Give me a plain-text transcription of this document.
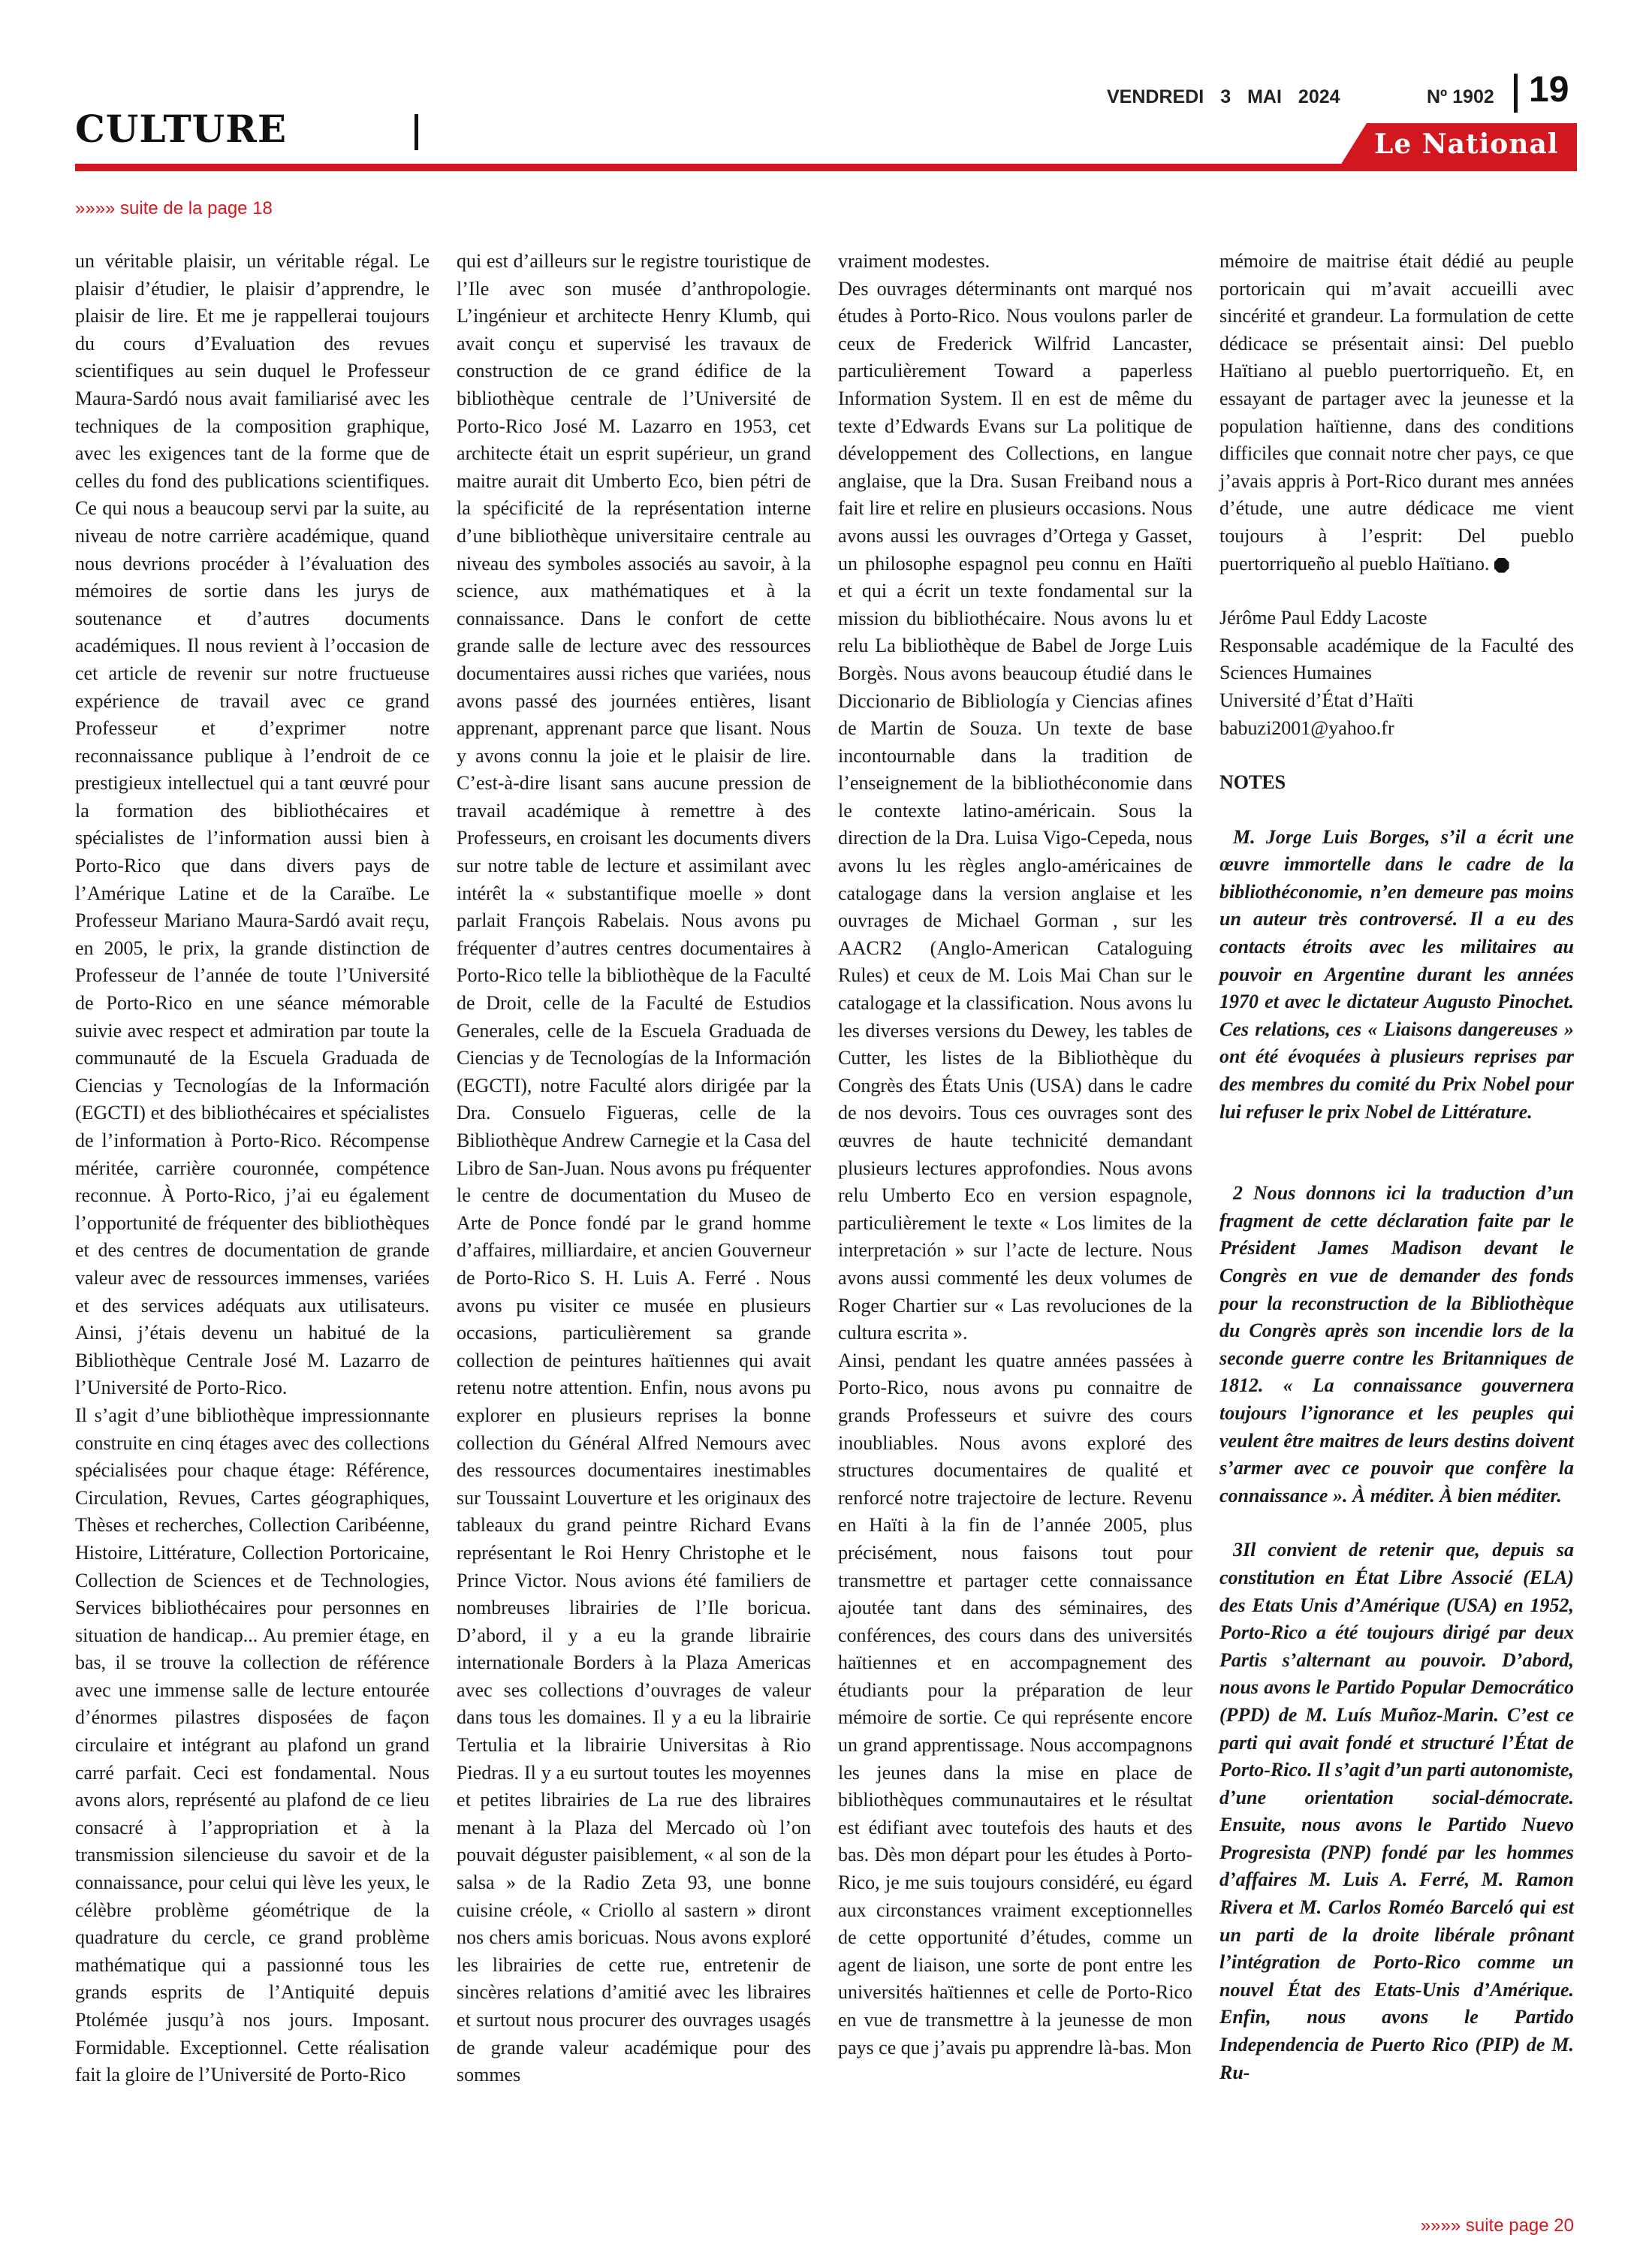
CULTURE
VENDREDI 3 MAI 2024	Nº 1902 19
Le National
»»»» suite de la page 18

un véritable plaisir, un véritable régal. Le plaisir d’étudier, le plaisir d’apprendre, le plaisir de lire. Et me je rappellerai toujours du cours d’Evaluation des revues scientifiques au sein duquel le Professeur Maura-Sardó nous avait familiarisé avec les techniques de la composition graphique, avec les exigences tant de la forme que de celles du fond des publications scientifiques. Ce qui nous a beaucoup servi par la suite, au niveau de notre carrière académique, quand nous devrions procéder à l’évaluation des mémoires de sortie dans les jurys de soutenance et d’autres documents académiques. Il nous revient à l’occasion de cet article de revenir sur notre fructueuse expérience de travail avec ce grand Professeur et d’exprimer notre reconnaissance publique à l’endroit de ce prestigieux intellectuel qui a tant œuvré pour la formation des bibliothécaires et spécialistes de l’information aussi bien à Porto-Rico que dans divers pays de l’Amérique Latine et de la Caraïbe. Le Professeur Mariano Maura-Sardó avait reçu, en 2005, le prix, la grande distinction de Professeur de l’année de toute l’Université de Porto-Rico en une séance mémorable suivie avec respect et admiration par toute la communauté de la Escuela Graduada de Ciencias y Tecnologías de la Información (EGCTI) et des bibliothécaires et spécialistes de l’information à Porto-Rico. Récompense méritée, carrière couronnée, compétence reconnue. À Porto-Rico, j’ai eu également l’opportunité de fréquenter des bibliothèques et des centres de documentation de grande valeur avec de ressources immenses, variées et des services adéquats aux utilisateurs. Ainsi, j’étais devenu un habitué de la Bibliothèque Centrale José M. Lazarro de l’Université de Porto-Rico.

Il s’agit d’une bibliothèque impressionnante construite en cinq étages avec des collections spécialisées pour chaque étage: Référence, Circulation, Revues, Cartes géographiques, Thèses et recherches, Collection Caribéenne, Histoire, Littérature, Collection Portoricaine, Collection de Sciences et de Technologies, Services bibliothécaires pour personnes en situation de handicap... Au premier étage, en bas, il se trouve la collection de référence avec une immense salle de lecture entourée d’énormes pilastres disposées de façon circulaire et intégrant au plafond un grand carré parfait. Ceci est fondamental. Nous avons alors, représenté au plafond de ce lieu consacré à l’appropriation et à la transmission silencieuse du savoir et de la connaissance, pour celui qui lève les yeux, le célèbre problème géométrique de la quadrature du cercle, ce grand problème mathématique qui a passionné tous les grands esprits de l’Antiquité depuis Ptolémée jusqu’à nos jours. Imposant. Formidable. Exceptionnel. Cette réalisation fait la gloire de l’Université de Porto-Rico

qui est d’ailleurs sur le registre touristique de l’Ile avec son musée d’anthropologie. L’ingénieur et architecte Henry Klumb, qui avait conçu et supervisé les travaux de construction de ce grand édifice de la bibliothèque centrale de l’Université de Porto-Rico José M. Lazarro en 1953, cet architecte était un esprit supérieur, un grand maitre aurait dit Umberto Eco, bien pétri de la spécificité de la représentation interne d’une bibliothèque universitaire centrale au niveau des symboles associés au savoir, à la science, aux mathématiques et à la connaissance. Dans le confort de cette grande salle de lecture avec des ressources documentaires aussi riches que variées, nous avons passé des journées entières, lisant apprenant, apprenant parce que lisant. Nous y avons connu la joie et le plaisir de lire. C’est-à-dire lisant sans aucune pression de travail académique à remettre à des Professeurs, en croisant les documents divers sur notre table de lecture et assimilant avec intérêt la « substantifique moelle » dont parlait François Rabelais. Nous avons pu fréquenter d’autres centres documentaires à Porto-Rico telle la bibliothèque de la Faculté de Droit, celle de la Faculté de Estudios Generales, celle de la Escuela Graduada de Ciencias y de Tecnologías de la Información (EGCTI), notre Faculté alors dirigée par la Dra. Consuelo Figueras, celle de la Bibliothèque Andrew Carnegie et la Casa del Libro de San-Juan. Nous avons pu fréquenter le centre de documentation du Museo de Arte de Ponce fondé par le grand homme d’affaires, milliardaire, et ancien Gouverneur de Porto-Rico S. H. Luis A. Ferré . Nous avons pu visiter ce musée en plusieurs occasions, particulièrement sa grande collection de peintures haïtiennes qui avait retenu notre attention. Enfin, nous avons pu explorer en plusieurs reprises la bonne collection du Général Alfred Nemours avec des ressources documentaires inestimables sur Toussaint Louverture et les originaux des tableaux du grand peintre Richard Evans représentant le Roi Henry Christophe et le Prince Victor. Nous avions été familiers de nombreuses librairies de l’Ile boricua. D’abord, il y a eu la grande librairie internationale Borders à la Plaza Americas avec ses collections d’ouvrages de valeur dans tous les domaines. Il y a eu la librairie Tertulia et la librairie Universitas à Rio Piedras. Il y a eu surtout toutes les moyennes et petites librairies de La rue des libraires menant à la Plaza del Mercado où l’on pouvait déguster paisiblement, « al son de la salsa » de la Radio Zeta 93, une bonne cuisine créole, « Criollo al sastern » diront nos chers amis boricuas. Nous avons exploré les librairies de cette rue, entretenir de sincères relations d’amitié avec les libraires et surtout nous procurer des ouvrages usagés de grande valeur académique pour des sommes

vraiment modestes.

Des ouvrages déterminants ont marqué nos études à Porto-Rico. Nous voulons parler de ceux de Frederick Wilfrid Lancaster, particulièrement Toward a paperless Information System. Il en est de même du texte d’Edwards Evans sur La politique de développement des Collections, en langue anglaise, que la Dra. Susan Freiband nous a fait lire et relire en plusieurs occasions. Nous avons aussi les ouvrages d’Ortega y Gasset, un philosophe espagnol peu connu en Haïti et qui a écrit un texte fondamental sur la mission du bibliothécaire. Nous avons lu et relu La bibliothèque de Babel de Jorge Luis Borgès. Nous avons beaucoup étudié dans le Diccionario de Bibliología y Ciencias afines de Martin de Souza. Un texte de base incontournable dans la tradition de l’enseignement de la bibliothéconomie dans le contexte latino-américain. Sous la direction de la Dra. Luisa Vigo-Cepeda, nous avons lu les règles anglo-américaines de catalogage dans la version anglaise et les ouvrages de Michael Gorman , sur les AACR2 (Anglo-American Cataloguing Rules) et ceux de M. Lois Mai Chan sur le catalogage et la classification. Nous avons lu les diverses versions du Dewey, les tables de Cutter, les listes de la Bibliothèque du Congrès des États Unis (USA) dans le cadre de nos devoirs. Tous ces ouvrages sont des œuvres de haute technicité demandant plusieurs lectures approfondies. Nous avons relu Umberto Eco en version espagnole, particulièrement le texte « Los limites de la interpretación » sur l’acte de lecture. Nous avons aussi commenté les deux volumes de Roger Chartier sur « Las revoluciones de la cultura escrita ».

Ainsi, pendant les quatre années passées à Porto-Rico, nous avons pu connaitre de grands Professeurs et suivre des cours inoubliables. Nous avons exploré des structures documentaires de qualité et renforcé notre trajectoire de lecture. Revenu en Haïti à la fin de l’année 2005, plus précisément, nous faisons tout pour transmettre et partager cette connaissance ajoutée tant dans des séminaires, des conférences, des cours dans des universités haïtiennes et en accompagnement des étudiants pour la préparation de leur mémoire de sortie. Ce qui représente encore un grand apprentissage. Nous accompagnons les jeunes dans la mise en place de bibliothèques communautaires et le résultat est édifiant avec toutefois des hauts et des bas. Dès mon départ pour les études à Porto-Rico, je me suis toujours considéré, eu égard aux circonstances vraiment exceptionnelles de cette opportunité d’études, comme un agent de liaison, une sorte de pont entre les universités haïtiennes et celle de Porto-Rico en vue de transmettre à la jeunesse de mon pays ce que j’avais pu apprendre là-bas. Mon

mémoire de maitrise était dédié au peuple portoricain qui m’avait accueilli avec sincérité et grandeur. La formulation de cette dédicace se présentait ainsi: Del pueblo Haïtiano al pueblo puertorriqueño. Et, en essayant de partager avec la jeunesse et la population haïtienne, dans des conditions difficiles que connait notre cher pays, ce que j’avais appris à Port-Rico durant mes années d’étude, une autre dédicace me vient toujours à l’esprit: Del pueblo puertorriqueño al pueblo Haïtiano.

Jérôme Paul Eddy Lacoste
Responsable académique de la Faculté des Sciences Humaines
Université d’État d’Haïti
babuzi2001@yahoo.fr

NOTES

M. Jorge Luis Borges, s’il a écrit une œuvre immortelle dans le cadre de la bibliothéconomie, n’en demeure pas moins un auteur très controversé. Il a eu des contacts étroits avec les militaires au pouvoir en Argentine durant les années 1970 et avec le dictateur Augusto Pinochet. Ces relations, ces « Liaisons dangereuses » ont été évoquées à plusieurs reprises par des membres du comité du Prix Nobel pour lui refuser le prix Nobel de Littérature.

2 Nous donnons ici la traduction d’un fragment de cette déclaration faite par le Président James Madison devant le Congrès en vue de demander des fonds pour la reconstruction de la Bibliothèque du Congrès après son incendie lors de la seconde guerre contre les Britanniques de 1812. « La connaissance gouvernera toujours l’ignorance et les peuples qui veulent être maitres de leurs destins doivent s’armer avec ce pouvoir que confère la connaissance ». À méditer. À bien méditer.

3Il convient de retenir que, depuis sa constitution en État Libre Associé (ELA) des Etats Unis d’Amérique (USA) en 1952, Porto-Rico a été toujours dirigé par deux Partis s’alternant au pouvoir. D’abord, nous avons le Partido Popular Democrático (PPD) de M. Luís Muñoz-Marin. C’est ce parti qui avait fondé et structuré l’État de Porto-Rico. Il s’agit d’un parti autonomiste, d’une orientation social-démocrate. Ensuite, nous avons le Partido Nuevo Progresista (PNP) fondé par les hommes d’affaires M. Luis A. Ferré, M. Ramon Rivera et M. Carlos Roméo Barceló qui est un parti de la droite libérale prônant l’intégration de Porto-Rico comme un nouvel État des Etats-Unis d’Amérique. Enfin, nous avons le Partido Independencia de Puerto Rico (PIP) de M. Ru-

»»»» suite page 20
